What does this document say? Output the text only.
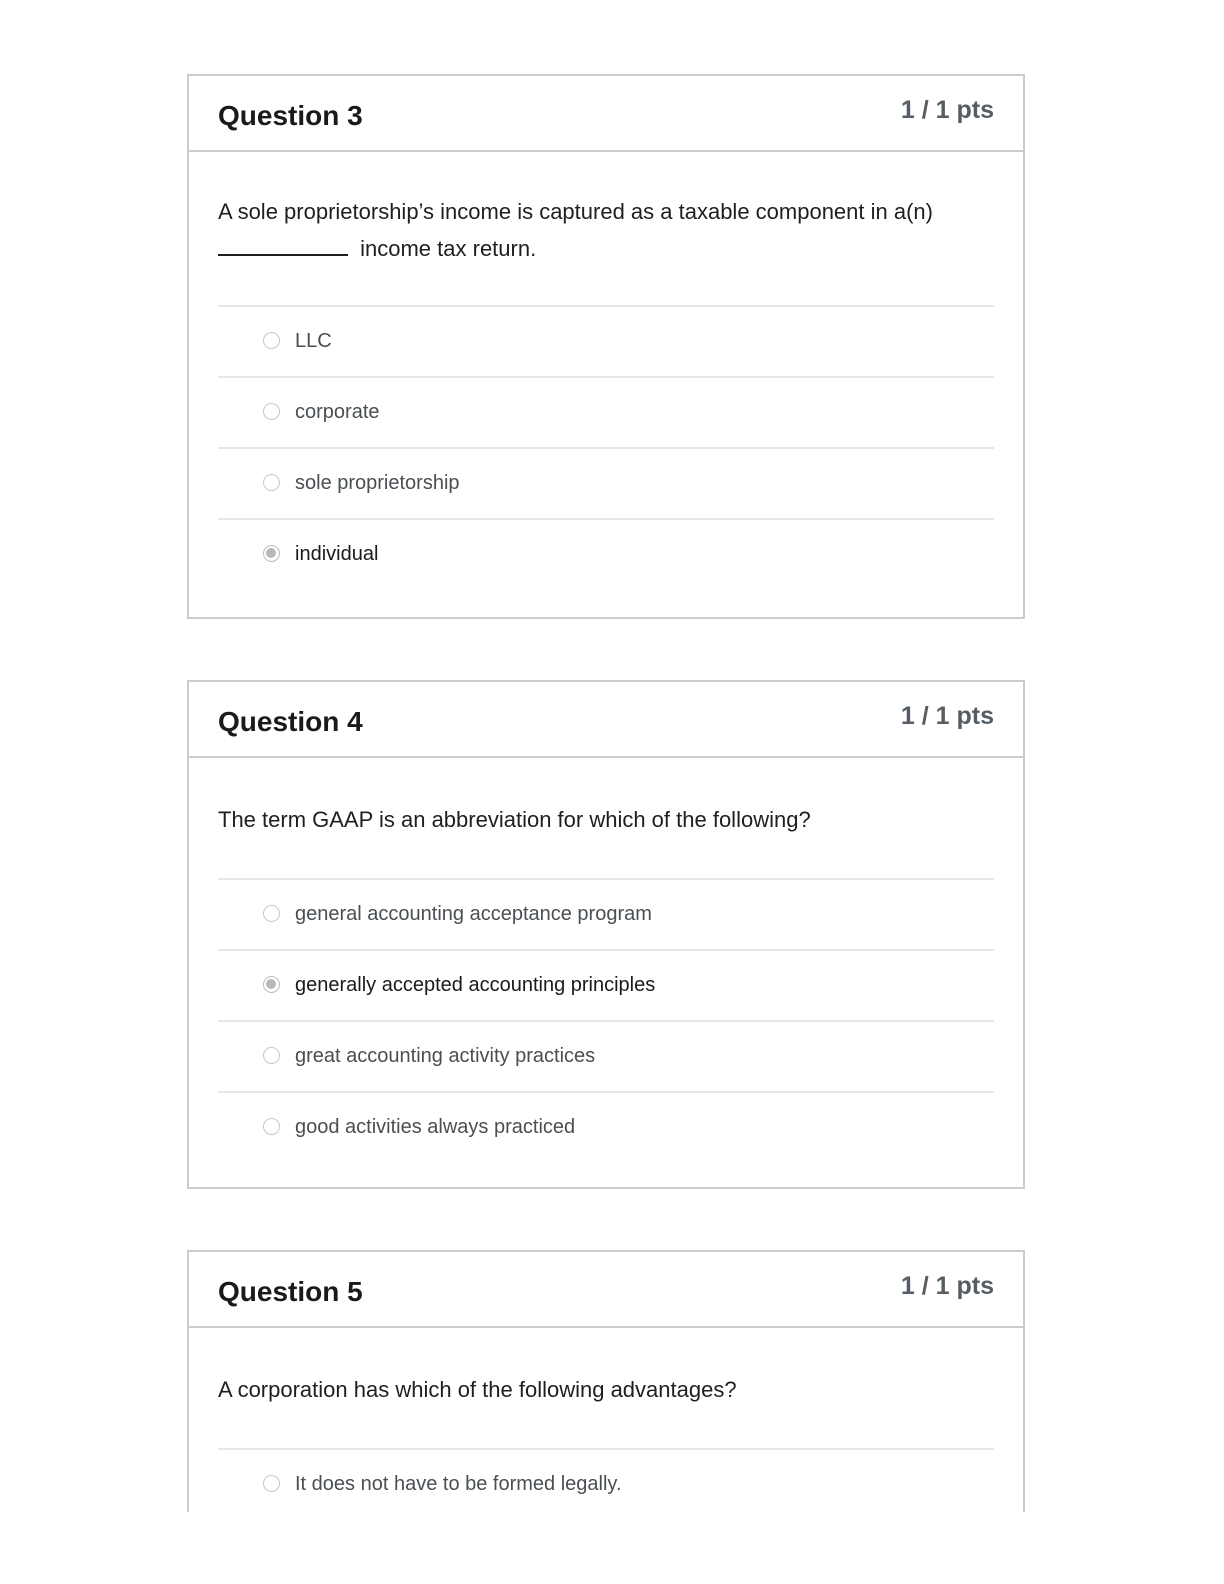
Question 3	1 / 1 pts
A sole proprietorship’s income is captured as a taxable component in a(n)
income tax return.
LLC
corporate
sole proprietorship
individual
Question 4	1 / 1 pts
The term GAAP is an abbreviation for which of the following?
general accounting acceptance program
generally accepted accounting principles
great accounting activity practices
good activities always practiced
Question 5	1 / 1 pts
A corporation has which of the following advantages?
It does not have to be formed legally.
